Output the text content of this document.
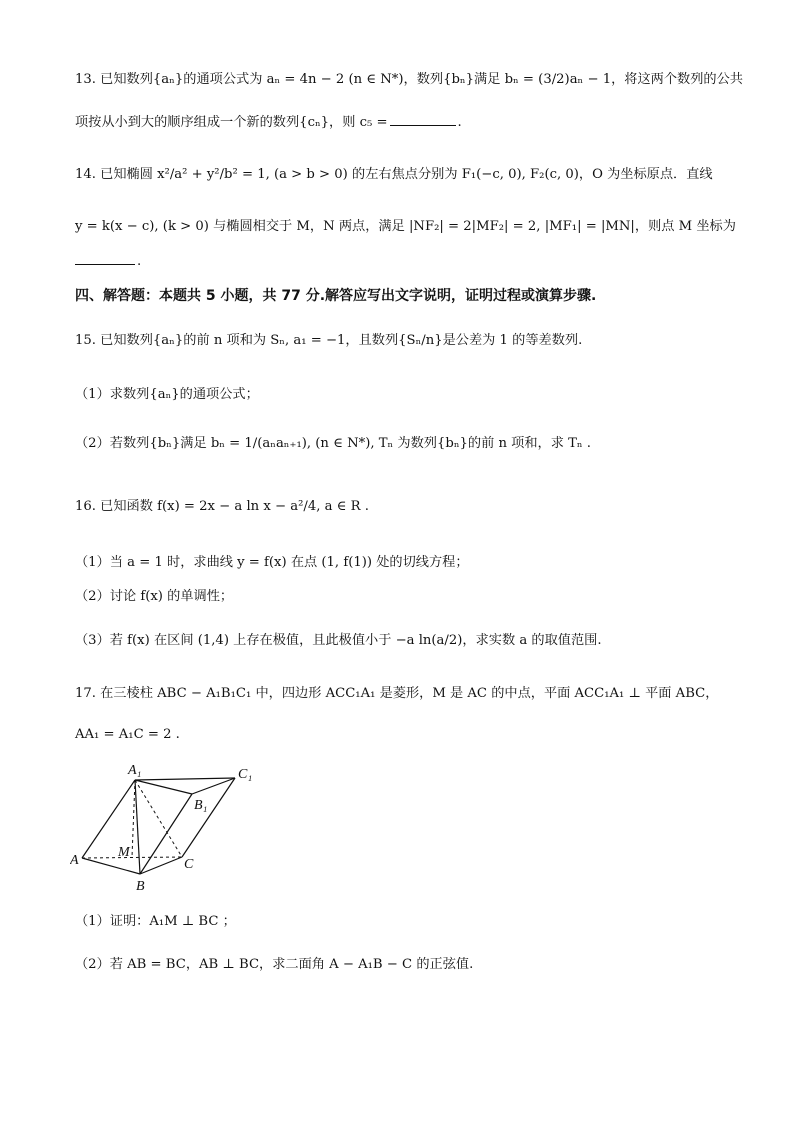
13. 已知数列{aₙ}的通项公式为 aₙ = 4n − 2 (n ∈ N*)，数列{bₙ}满足 bₙ = (3/2)aₙ − 1，将这两个数列的公共
项按从小到大的顺序组成一个新的数列{cₙ}，则 c₅ =	.
14. 已知椭圆 x²/a² + y²/b² = 1, (a > b > 0) 的左右焦点分别为 F₁(−c, 0), F₂(c, 0)，O 为坐标原点．直线
y = k(x − c), (k > 0) 与椭圆相交于 M，N 两点，满足 |NF₂| = 2|MF₂| = 2, |MF₁| = |MN|，则点 M 坐标为
.
四、解答题：本题共 5 小题，共 77 分.解答应写出文字说明，证明过程或演算步骤.
15. 已知数列{aₙ}的前 n 项和为 Sₙ, a₁ = −1，且数列{Sₙ/n}是公差为 1 的等差数列.
（1）求数列{aₙ}的通项公式；
（2）若数列{bₙ}满足 bₙ = 1/(aₙaₙ₊₁), (n ∈ N*), Tₙ 为数列{bₙ}的前 n 项和，求 Tₙ .
16. 已知函数 f(x) = 2x − a ln x − a²/4, a ∈ R .
（1）当 a = 1 时，求曲线 y = f(x) 在点 (1, f(1)) 处的切线方程；
（2）讨论 f(x) 的单调性；
（3）若 f(x) 在区间 (1,4) 上存在极值，且此极值小于 −a ln(a/2)，求实数 a 的取值范围.
17. 在三棱柱 ABC − A₁B₁C₁ 中，四边形 ACC₁A₁ 是菱形，M 是 AC 的中点，平面 ACC₁A₁ ⊥ 平面 ABC，
AA₁ = A₁C = 2 .
A₁	C₁
B₁
A
M
C
B
（1）证明：A₁M ⊥ BC ；
（2）若 AB = BC，AB ⊥ BC，求二面角 A − A₁B − C 的正弦值.
